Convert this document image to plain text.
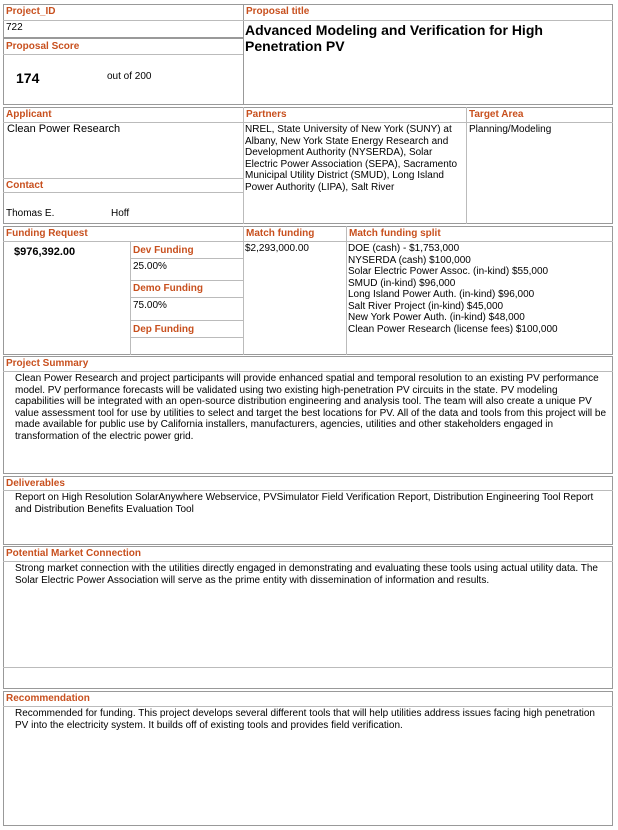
Project_ID
722
Proposal Score
174	out of 200
Proposal title
Advanced Modeling and Verification for High Penetration PV
Applicant
Clean Power Research
Partners
NREL, State University of New York (SUNY) at Albany, New York State Energy Research and Development Authority (NYSERDA), Solar Electric Power Association (SEPA), Sacramento Municipal Utility District (SMUD), Long Island Power Authority (LIPA), Salt River
Target Area
Planning/Modeling
Contact
Thomas E.	Hoff
Funding Request
$976,392.00	Dev Funding
25.00%
Demo Funding
75.00%
Dep Funding
Match funding
$2,293,000.00
Match funding split
DOE (cash) - $1,753,000
NYSERDA (cash) $100,000
Solar Electric Power Assoc. (in-kind) $55,000
SMUD (in-kind) $96,000
Long Island Power Auth. (in-kind) $96,000
Salt River Project (in-kind) $45,000
New York Power Auth. (in-kind) $48,000
Clean Power Research (license fees) $100,000
Project Summary
Clean Power Research and project participants will provide enhanced spatial and temporal resolution to an existing PV performance model. PV performance forecasts will be validated using two existing high-penetration PV circuits in the state. PV modeling capabilities will be integrated with an open-source distribution engineering and analysis tool. The team will also create a unique PV value assessment tool for use by utilities to select and target the best locations for PV. All of the data and tools from this project will be made available for public use by California installers, manufacturers, agencies, utilities and other stakeholders engaged in transformation of the electric power grid.
Deliverables
Report on High Resolution SolarAnywhere Webservice, PVSimulator Field Verification Report, Distribution Engineering Tool Report and Distribution Benefits Evaluation Tool
Potential Market Connection
Strong market connection with the utilities directly engaged in demonstrating and evaluating these tools using actual utility data. The Solar Electric Power Association will serve as the prime entity with dissemination of information and results.
Recommendation
Recommended for funding. This project develops several different tools that will help utilities address issues facing high penetration PV into the electricity system. It builds off of existing tools and provides field verification.
